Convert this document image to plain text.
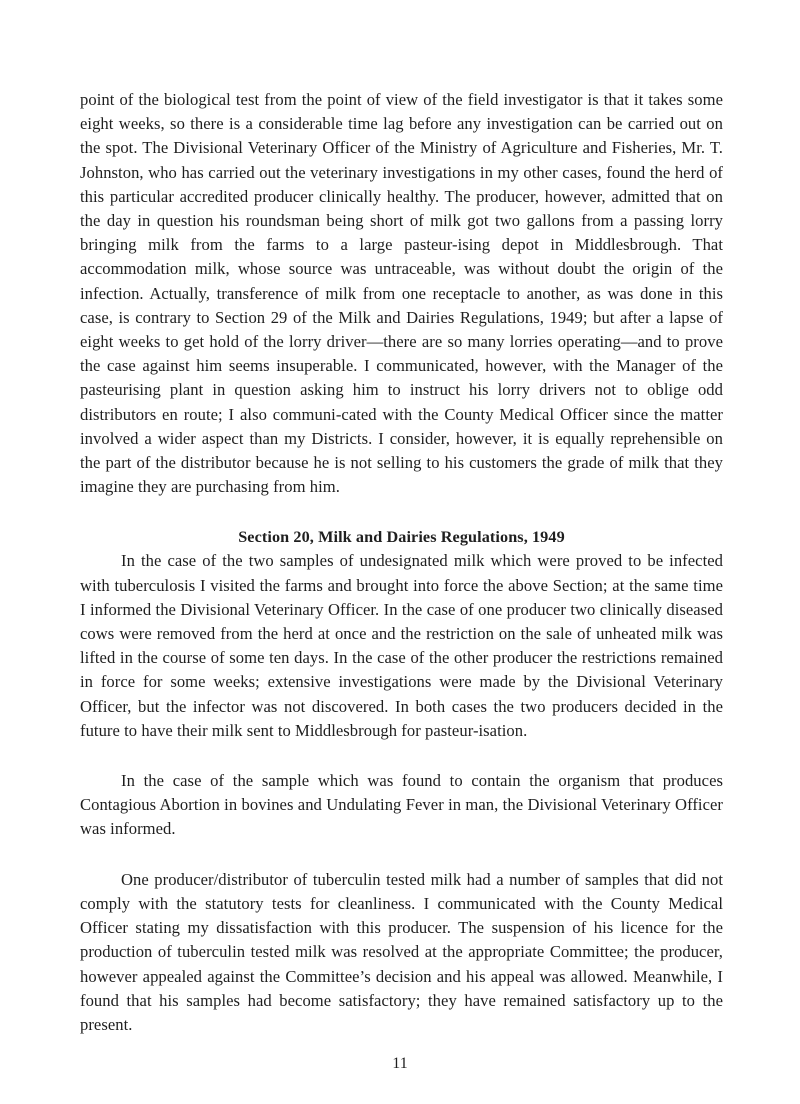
point of the biological test from the point of view of the field investigator is that it takes some eight weeks, so there is a considerable time lag before any investigation can be carried out on the spot. The Divisional Veterinary Officer of the Ministry of Agriculture and Fisheries, Mr. T. Johnston, who has carried out the veterinary investigations in my other cases, found the herd of this particular accredited producer clinically healthy. The producer, however, admitted that on the day in question his roundsman being short of milk got two gallons from a passing lorry bringing milk from the farms to a large pasteur-ising depot in Middlesbrough. That accommodation milk, whose source was untraceable, was without doubt the origin of the infection. Actually, transference of milk from one receptacle to another, as was done in this case, is contrary to Section 29 of the Milk and Dairies Regulations, 1949; but after a lapse of eight weeks to get hold of the lorry driver—there are so many lorries operating—and to prove the case against him seems insuperable. I communicated, however, with the Manager of the pasteurising plant in question asking him to instruct his lorry drivers not to oblige odd distributors en route; I also communi-cated with the County Medical Officer since the matter involved a wider aspect than my Districts. I consider, however, it is equally reprehensible on the part of the distributor because he is not selling to his customers the grade of milk that they imagine they are purchasing from him.

Section 20, Milk and Dairies Regulations, 1949

In the case of the two samples of undesignated milk which were proved to be infected with tuberculosis I visited the farms and brought into force the above Section; at the same time I informed the Divisional Veterinary Officer. In the case of one producer two clinically diseased cows were removed from the herd at once and the restriction on the sale of unheated milk was lifted in the course of some ten days. In the case of the other producer the restrictions remained in force for some weeks; extensive investigations were made by the Divisional Veterinary Officer, but the infector was not discovered. In both cases the two producers decided in the future to have their milk sent to Middlesbrough for pasteur-isation.

In the case of the sample which was found to contain the organism that produces Contagious Abortion in bovines and Undulating Fever in man, the Divisional Veterinary Officer was informed.

One producer/distributor of tuberculin tested milk had a number of samples that did not comply with the statutory tests for cleanliness. I communicated with the County Medical Officer stating my dissatisfaction with this producer. The suspension of his licence for the production of tuberculin tested milk was resolved at the appropriate Committee; the producer, however appealed against the Committee’s decision and his appeal was allowed. Meanwhile, I found that his samples had become satisfactory; they have remained satisfactory up to the present.

11
